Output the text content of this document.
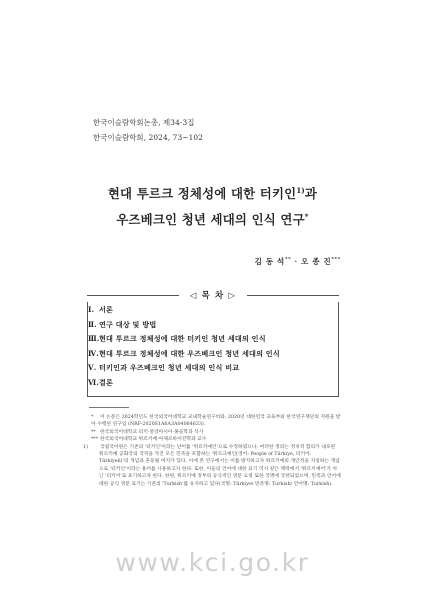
한국이슬람학회논총, 제34-3집
한국이슬람학회, 2024, 73~102
현대 투르크 정체성에 대한 터키인$^{1)}$과
우즈베크인 청년 세대의 인식 연구*
김 동 석** · 오 종 진***
◁ 목 차 ▷
Ⅰ. 서론
Ⅱ. 연구 대상 및 방법
Ⅲ.현대 투르크 정체성에 대한 터키인 청년 세대의 인식
Ⅳ.현대 투르크 정체성에 대한 우즈베크인 청년 세대의 인식
Ⅴ. 터키인과 우즈베크인 청년 세대의 인식 비교
Ⅵ.결론
* 이 논문은 2024학년도 한국외국어대학교 교내학술연구비와, 2020년 대한민국 교육부와 한국연구재단의 지원을 받아 수행된 연구임 (NRF-2020S1A6A3A04064633).
** 한국외국어대학교 터키·중앙아시아·몽골학과 석사
*** 한국외국어대학교 튀르키예·아제르바이잔학과 교수
1)	국립국어원은 기존의 '터키인'이라는 단어를 '튀르키예인'으로 수정하였으나, 여러한 정의는 정치적 함의가 내포된 튀르키예 공화국의 국적을 가진 모든 민족을 포함하는 '튀르크예인(영어: People of Türkiye, 터키어: Türkiyeli)'의 개념과 혼동될 여지가 있다. 이에 본 연구에서는 이를 방지하고자 튀르키예의 개인적을 지칭하는 개념으로 '터키인'이라는 용어를 사용하고자 한다. 또한, 이들의 언어에 대한 표기 역시 같은 맥락에서 '튀르키예어'가 아닌 '터키어'로 표기하고자 한다. 한편, 튀르키예 정부의 공식적인 영문 요청 또한 국명에 국한되었으며, 민족과 언어에 대한 공식 영문 표기는 기존의 'Turkish'를 유지하고 있다(국명: Türkiye/ 민족명: Turkish/ 언어명: Turkish).
www.kci.go.kr
